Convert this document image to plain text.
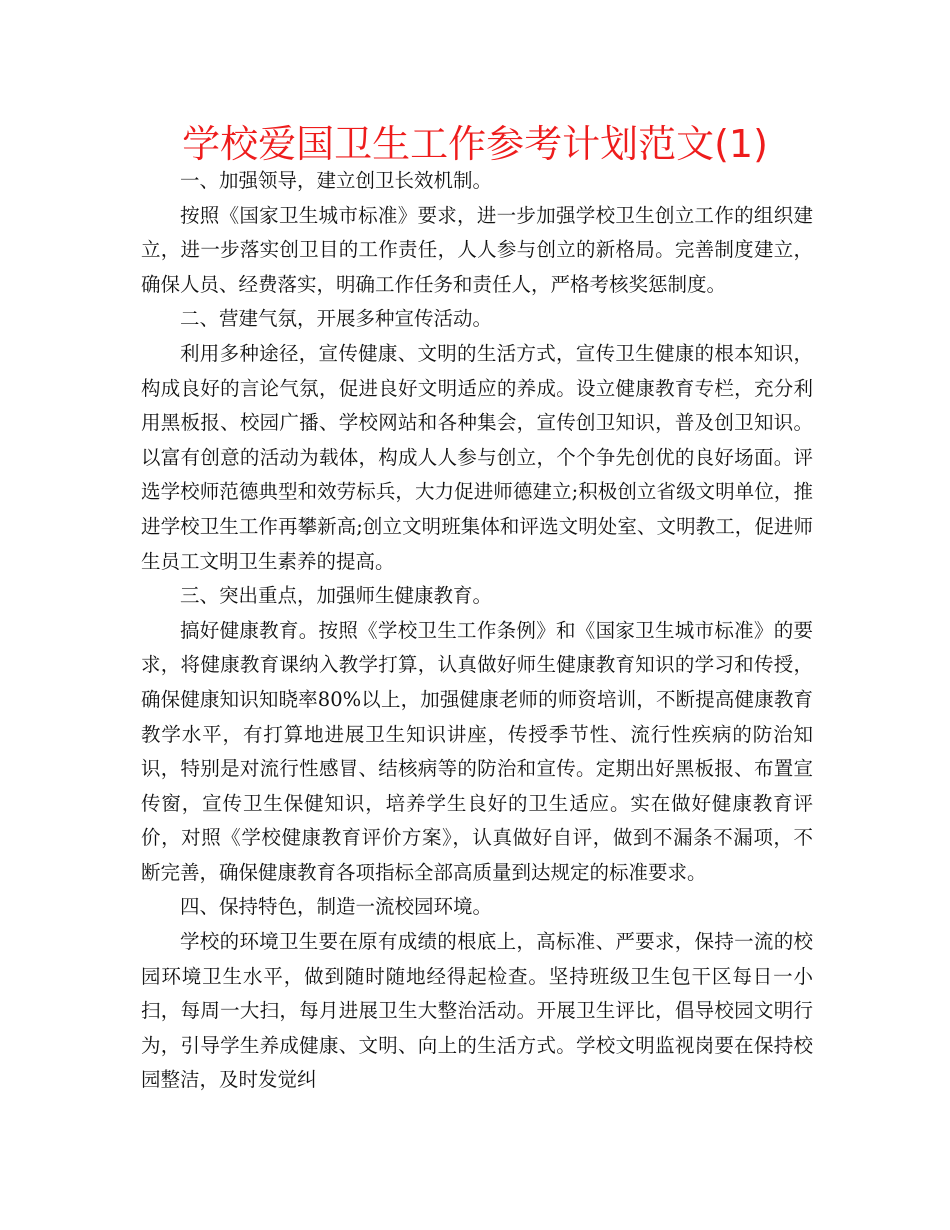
学校爱国卫生工作参考计划范文(1)

一、加强领导，建立创卫长效机制。

按照《国家卫生城市标准》要求，进一步加强学校卫生创立工作的组织建立，进一步落实创卫目的工作责任，人人参与创立的新格局。完善制度建立，确保人员、经费落实，明确工作任务和责任人，严格考核奖惩制度。

二、营建气氛，开展多种宣传活动。

利用多种途径，宣传健康、文明的生活方式，宣传卫生健康的根本知识，构成良好的言论气氛，促进良好文明适应的养成。设立健康教育专栏，充分利用黑板报、校园广播、学校网站和各种集会，宣传创卫知识，普及创卫知识。以富有创意的活动为载体，构成人人参与创立，个个争先创优的良好场面。评选学校师范德典型和效劳标兵，大力促进师德建立;积极创立省级文明单位，推进学校卫生工作再攀新高;创立文明班集体和评选文明处室、文明教工，促进师生员工文明卫生素养的提高。

三、突出重点，加强师生健康教育。

搞好健康教育。按照《学校卫生工作条例》和《国家卫生城市标准》的要求，将健康教育课纳入教学打算，认真做好师生健康教育知识的学习和传授，确保健康知识知晓率80%以上，加强健康老师的师资培训，不断提高健康教育教学水平，有打算地进展卫生知识讲座，传授季节性、流行性疾病的防治知识，特别是对流行性感冒、结核病等的防治和宣传。定期出好黑板报、布置宣传窗，宣传卫生保健知识，培养学生良好的卫生适应。实在做好健康教育评价，对照《学校健康教育评价方案》，认真做好自评，做到不漏条不漏项，不断完善，确保健康教育各项指标全部高质量到达规定的标准要求。

四、保持特色，制造一流校园环境。

学校的环境卫生要在原有成绩的根底上，高标准、严要求，保持一流的校园环境卫生水平，做到随时随地经得起检查。坚持班级卫生包干区每日一小扫，每周一大扫，每月进展卫生大整治活动。开展卫生评比，倡导校园文明行为，引导学生养成健康、文明、向上的生活方式。学校文明监视岗要在保持校园整洁，及时发觉纠
